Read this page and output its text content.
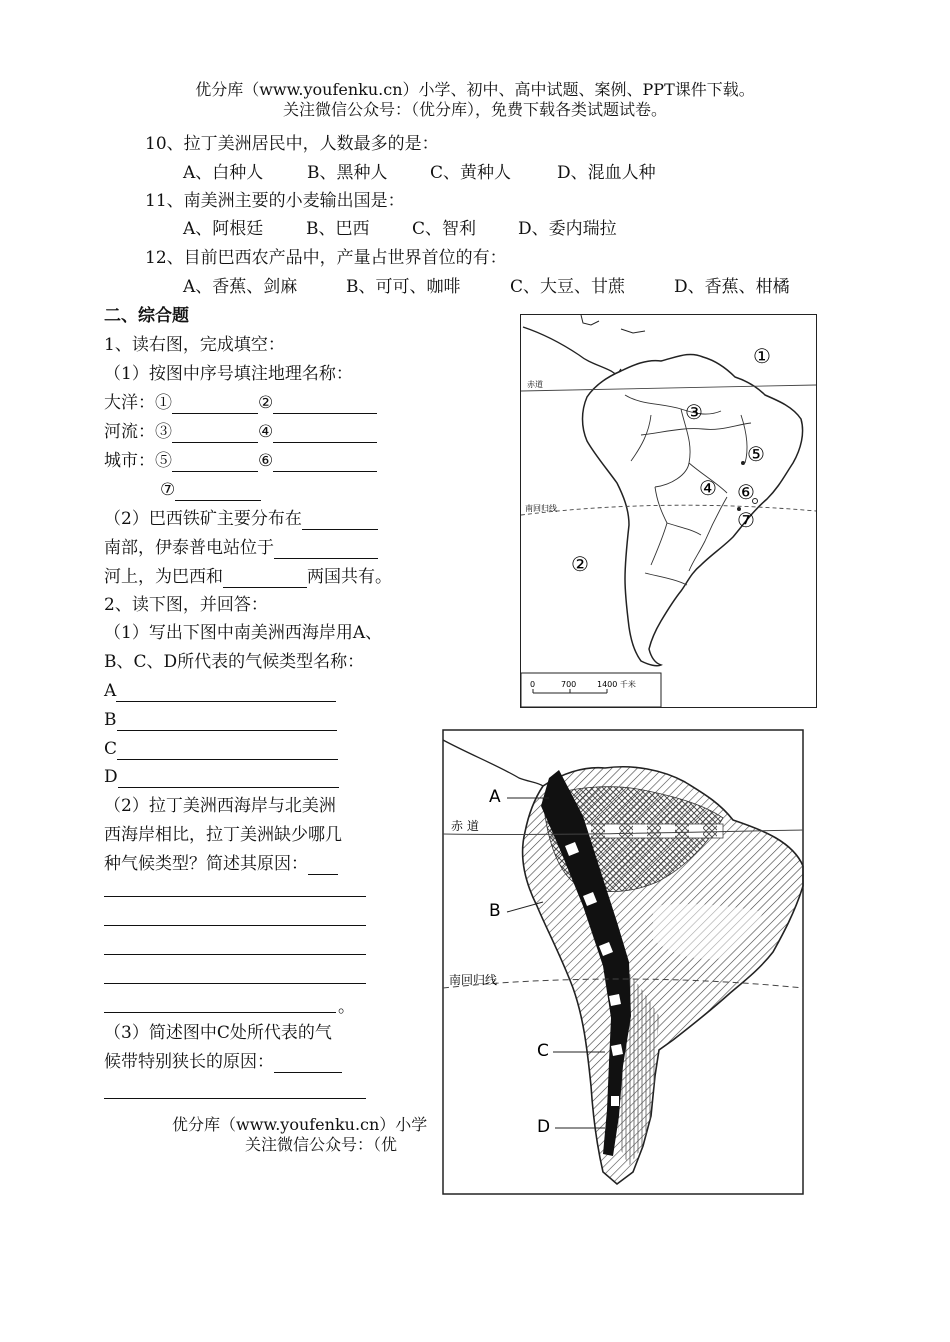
优分库（www.youfenku.cn）小学、初中、高中试题、案例、PPT课件下载。
关注微信公众号：（优分库），免费下载各类试题试卷。
10、拉丁美洲居民中，人数最多的是：
A、白种人	B、黑种人	C、黄种人	D、混血人种
11、南美洲主要的小麦输出国是：
A、阿根廷	B、巴西	C、智利 D、委内瑞拉
12、目前巴西农产品中，产量占世界首位的有：
A、香蕉、剑麻	B、可可、咖啡	C、大豆、甘蔗	D、香蕉、柑橘
二、综合题
1、读右图，完成填空：
（1）按图中序号填注地理名称：
大洋：①	②
河流：③	④
城市：⑤	⑥
⑦
（2）巴西铁矿主要分布在
南部，伊泰普电站位于
河上，为巴西和	两国共有。
2、读下图，并回答：
（1）写出下图中南美洲西海岸用A、
B、C、D所代表的气候类型名称：
A
B
C
D
（2）拉丁美洲西海岸与北美洲
西海岸相比，拉丁美洲缺少哪几
种气候类型？简述其原因：
。
（3）简述图中C处所代表的气
候带特别狭长的原因：
优分库（www.youfenku.cn）小学
关注微信公众号：（优
赤道
南回归线
①
②
③
④
⑤
⑥
⑦
0	700	1400 千米
赤 道
南回归线
A
B
C
D
